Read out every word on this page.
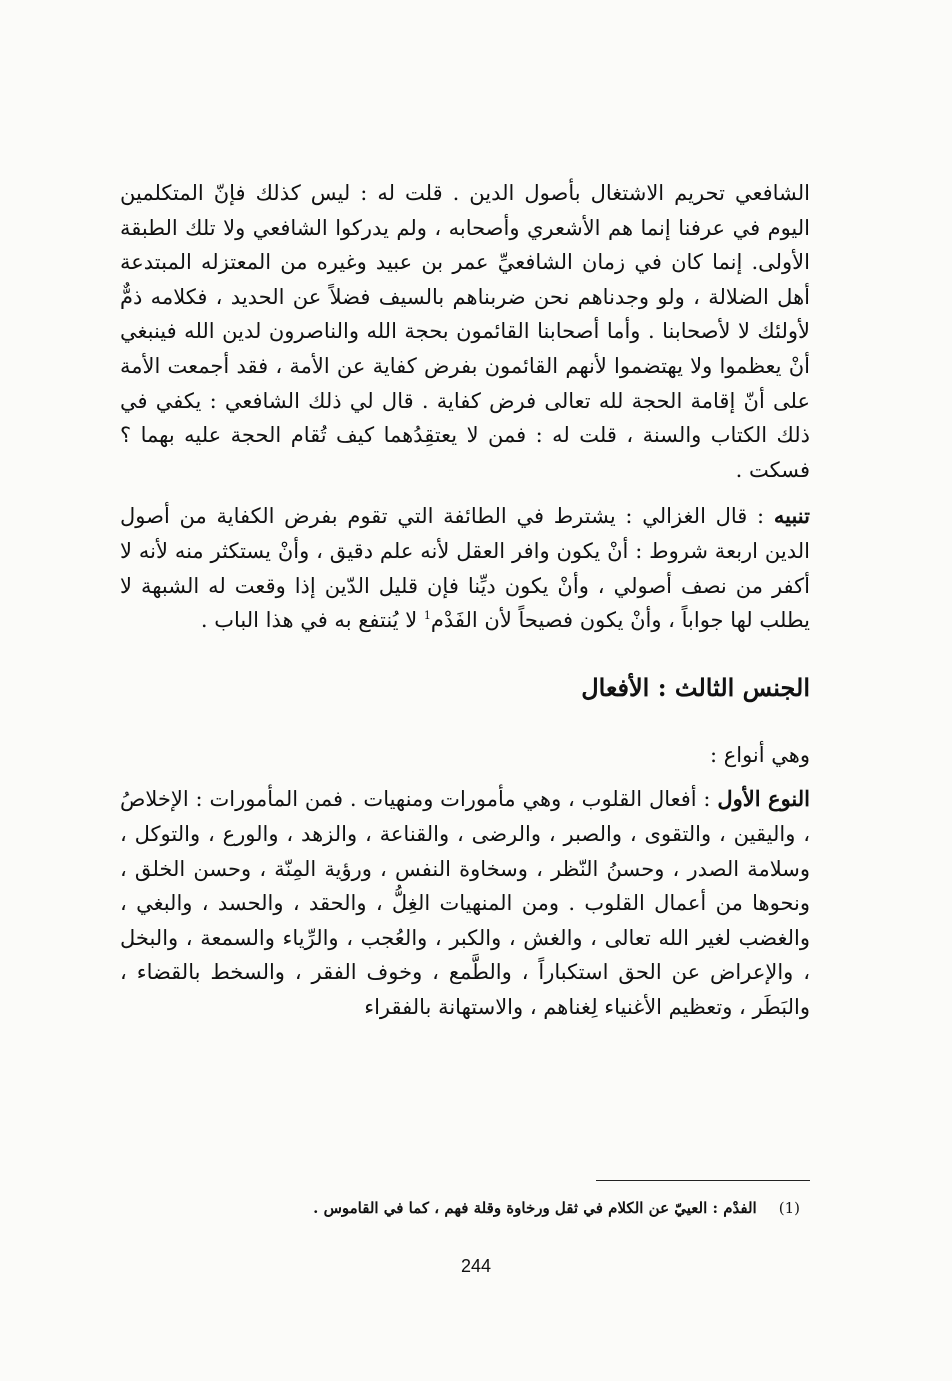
الشافعي تحريم الاشتغال بأصول الدين . قلت له : ليس كذلك فإنّ المتكلمين اليوم في عرفنا إنما هم الأشعري وأصحابه ، ولم يدركوا الشافعي ولا تلك الطبقة الأولى. إنما كان في زمان الشافعيِّ عمر بن عبيد وغيره من المعتزله المبتدعة أهل الضلالة ، ولو وجدناهم نحن ضربناهم بالسيف فضلاً عن الحديد ، فكلامه ذمٌّ لأولئك لا لأصحابنا . وأما أصحابنا القائمون بحجة الله والناصرون لدين الله فينبغي أنْ يعظموا ولا يهتضموا لأنهم القائمون بفرض كفاية عن الأمة ، فقد أجمعت الأمة على أنّ إقامة الحجة لله تعالى فرض كفاية . قال لي ذلك الشافعي : يكفي في ذلك الكتاب والسنة ، قلت له : فمن لا يعتقِدُهما كيف تُقام الحجة عليه بهما ؟ فسكت .

تنبيه : قال الغزالي : يشترط في الطائفة التي تقوم بفرض الكفاية من أصول الدين اربعة شروط : أنْ يكون وافر العقل لأنه علم دقيق ، وأنْ يستكثر منه لأنه لا أكفر من نصف أصولي ، وأنْ يكون ديِّنا فإن قليل الدّين إذا وقعت له الشبهة لا يطلب لها جواباً ، وأنْ يكون فصيحاً لأن الفَدْم$^1$ لا يُنتفع به في هذا الباب .

الجنس الثالث : الأفعال

وهي أنواع :

النوع الأول : أفعال القلوب ، وهي مأمورات ومنهيات . فمن المأمورات : الإخلاصُ ، واليقين ، والتقوى ، والصبر ، والرضى ، والقناعة ، والزهد ، والورع ، والتوكل ، وسلامة الصدر ، وحسنُ النّظر ، وسخاوة النفس ، ورؤية المِنّة ، وحسن الخلق ، ونحوها من أعمال القلوب . ومن المنهيات الغِلُّ ، والحقد ، والحسد ، والبغي ، والغضب لغير الله تعالى ، والغش ، والكبر ، والعُجب ، والرِّياء والسمعة ، والبخل ، والإعراض عن الحق استكباراً ، والطَّمع ، وخوف الفقر ، والسخط بالقضاء ، والبَطَر ، وتعظيم الأغنياء لِغناهم ، والاستهانة بالفقراء

(1)الفدْم : العييّ عن الكلام في ثقل ورخاوة وقلة فهم ، كما في القاموس .
244
